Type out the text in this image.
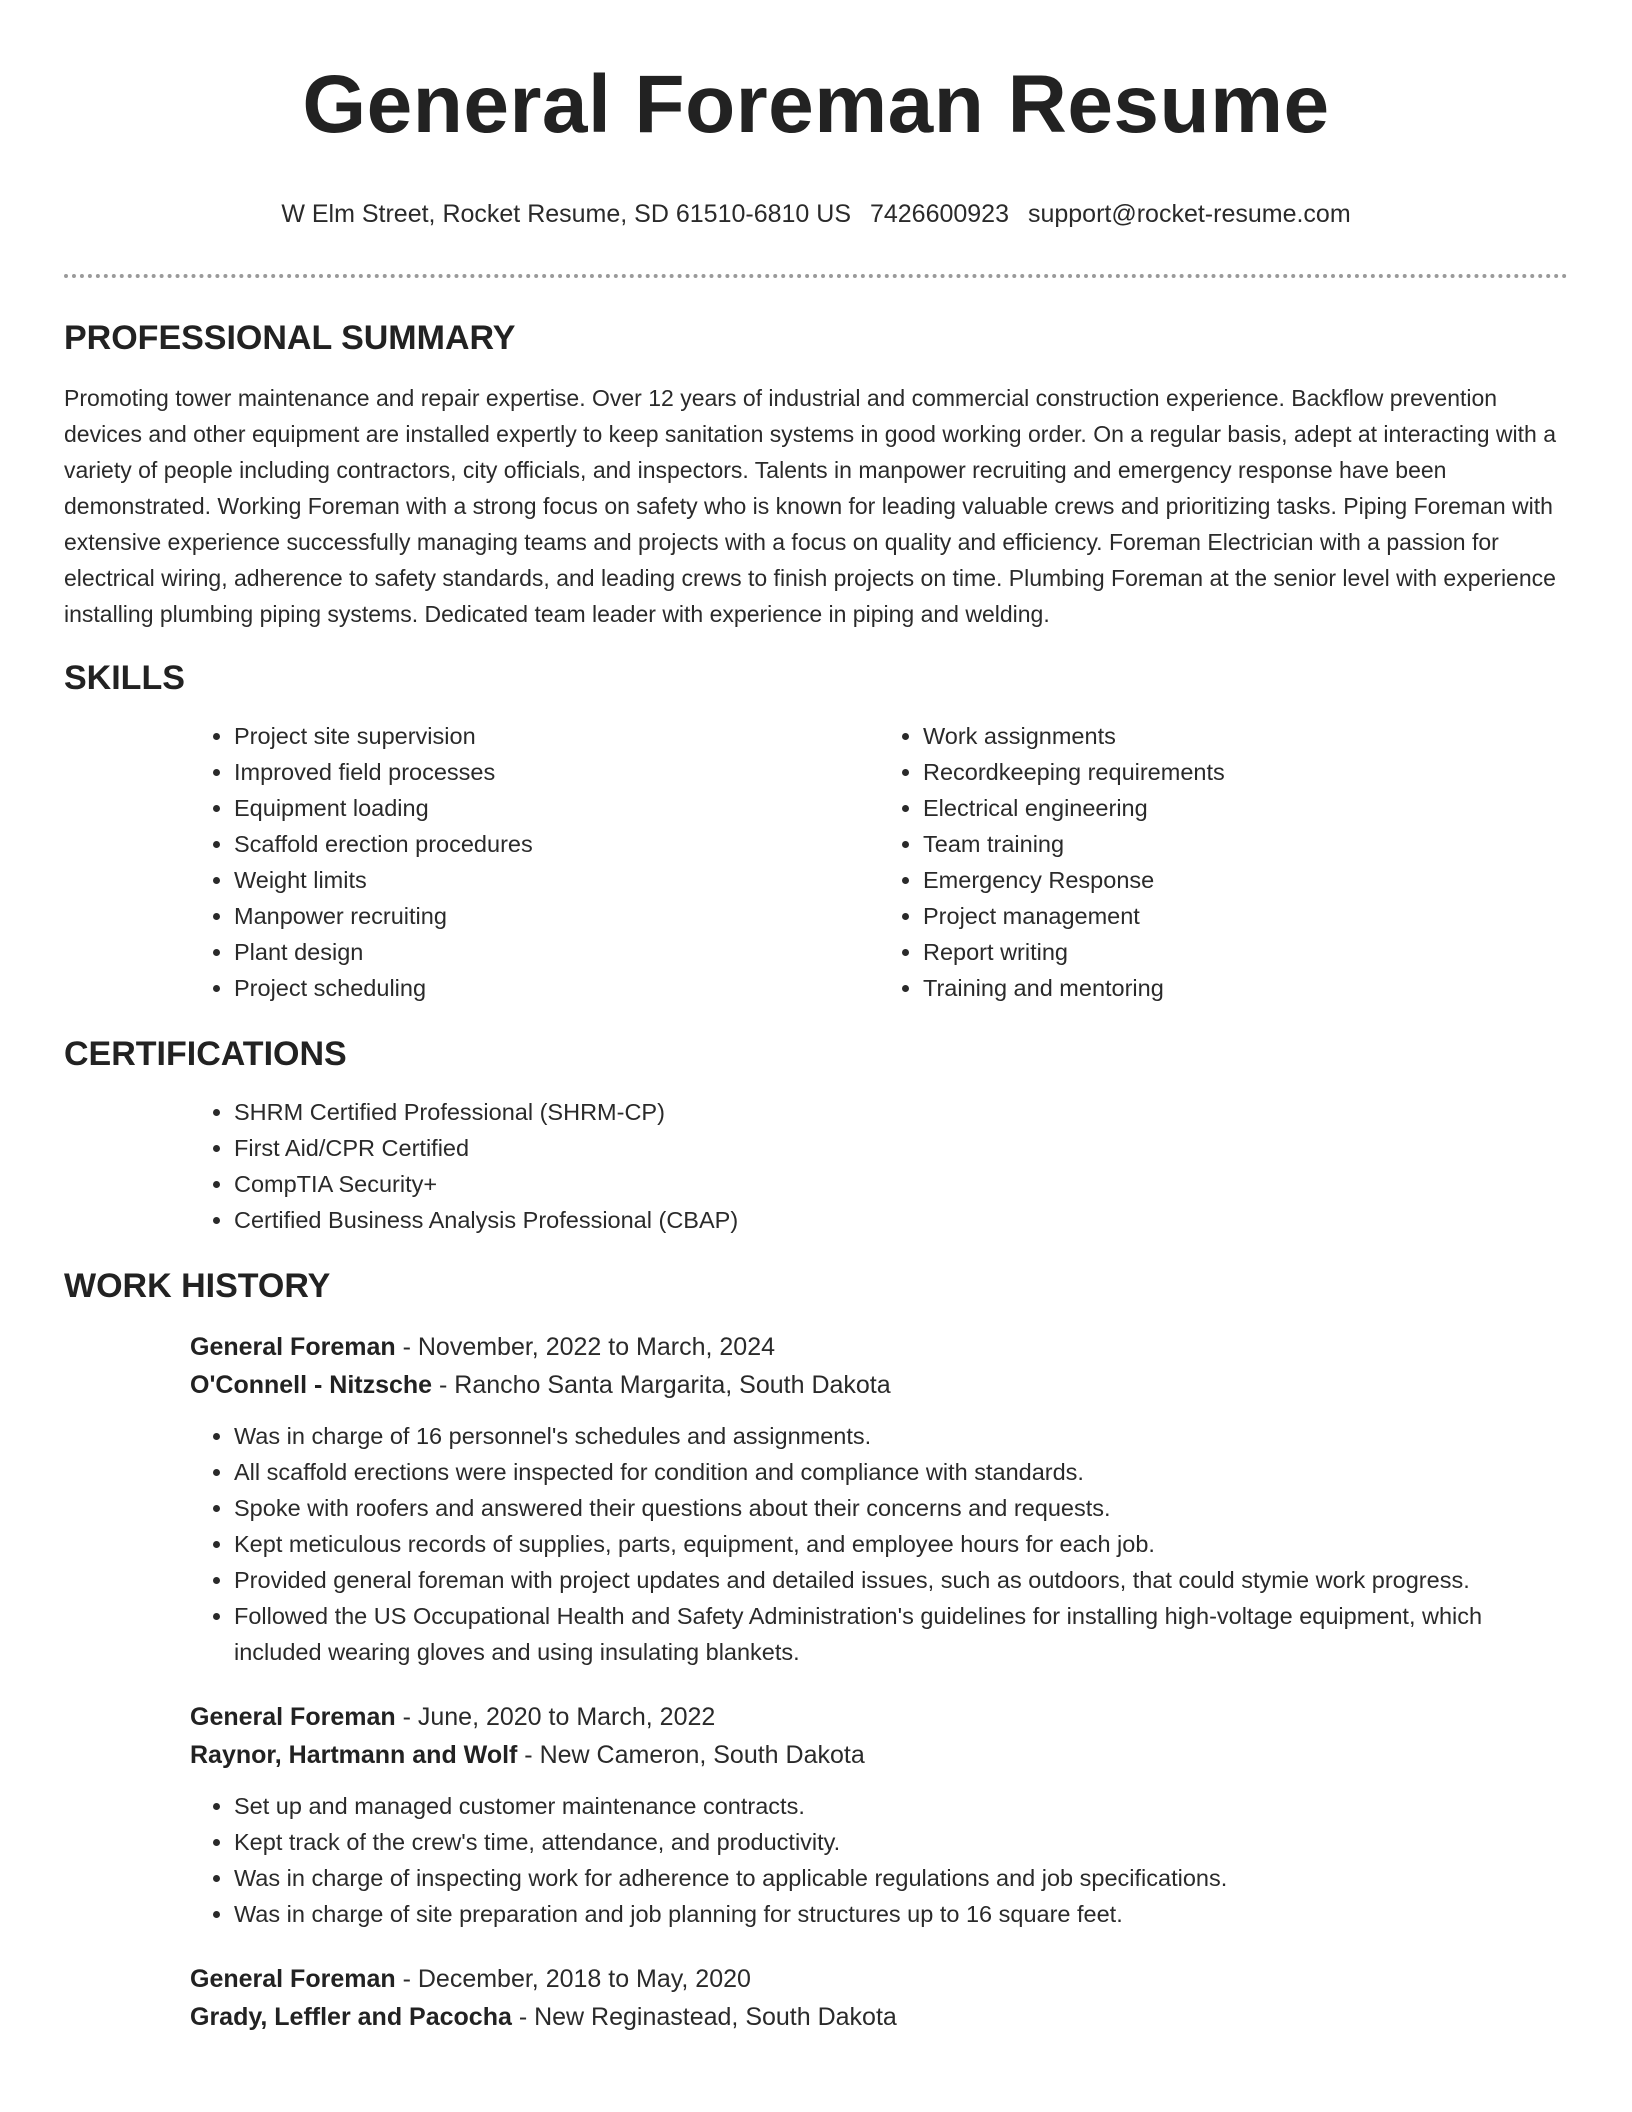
General Foreman Resume
W Elm Street, Rocket Resume, SD 61510-6810 US 7426600923 support@rocket-resume.com
PROFESSIONAL SUMMARY

Promoting tower maintenance and repair expertise. Over 12 years of industrial and commercial construction experience. Backflow prevention devices and other equipment are installed expertly to keep sanitation systems in good working order. On a regular basis, adept at interacting with a variety of people including contractors, city officials, and inspectors. Talents in manpower recruiting and emergency response have been demonstrated. Working Foreman with a strong focus on safety who is known for leading valuable crews and prioritizing tasks. Piping Foreman with extensive experience successfully managing teams and projects with a focus on quality and efficiency. Foreman Electrician with a passion for electrical wiring, adherence to safety standards, and leading crews to finish projects on time. Plumbing Foreman at the senior level with experience installing plumbing piping systems. Dedicated team leader with experience in piping and welding.

SKILLS
• Project site supervision
• Improved field processes
• Equipment loading
• Scaffold erection procedures
• Weight limits
• Manpower recruiting
• Plant design
• Project scheduling
• Work assignments
• Recordkeeping requirements
• Electrical engineering
• Team training
• Emergency Response
• Project management
• Report writing
• Training and mentoring
CERTIFICATIONS
• SHRM Certified Professional (SHRM-CP)
• First Aid/CPR Certified
• CompTIA Security+
• Certified Business Analysis Professional (CBAP)
WORK HISTORY
General Foreman - November, 2022 to March, 2024
O'Connell - Nitzsche - Rancho Santa Margarita, South Dakota
• Was in charge of 16 personnel's schedules and assignments.
• All scaffold erections were inspected for condition and compliance with standards.
• Spoke with roofers and answered their questions about their concerns and requests.
• Kept meticulous records of supplies, parts, equipment, and employee hours for each job.
• Provided general foreman with project updates and detailed issues, such as outdoors, that could stymie work progress.
• Followed the US Occupational Health and Safety Administration's guidelines for installing high-voltage equipment, which included wearing gloves and using insulating blankets.
General Foreman - June, 2020 to March, 2022
Raynor, Hartmann and Wolf - New Cameron, South Dakota
• Set up and managed customer maintenance contracts.
• Kept track of the crew's time, attendance, and productivity.
• Was in charge of inspecting work for adherence to applicable regulations and job specifications.
• Was in charge of site preparation and job planning for structures up to 16 square feet.
General Foreman - December, 2018 to May, 2020
Grady, Leffler and Pacocha - New Reginastead, South Dakota
